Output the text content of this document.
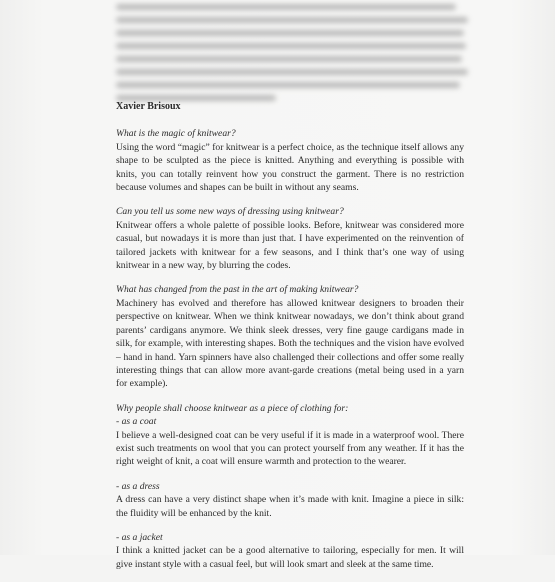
Xavier Brisoux
What is the magic of knitwear?
Using the word “magic” for knitwear is a perfect choice, as the technique itself allows any shape to be sculpted as the piece is knitted. Anything and everything is possible with knits, you can totally reinvent how you construct the garment. There is no restriction because volumes and shapes can be built in without any seams.
Can you tell us some new ways of dressing using knitwear?
Knitwear offers a whole palette of possible looks. Before, knitwear was considered more casual, but nowadays it is more than just that. I have experimented on the reinvention of tailored jackets with knitwear for a few seasons, and I think that’s one way of using knitwear in a new way, by blurring the codes.
What has changed from the past in the art of making knitwear?
Machinery has evolved and therefore has allowed knitwear designers to broaden their perspective on knitwear. When we think knitwear nowadays, we don’t think about grand parents’ cardigans anymore. We think sleek dresses, very fine gauge cardigans made in silk, for example, with interesting shapes. Both the techniques and the vision have evolved – hand in hand. Yarn spinners have also challenged their collections and offer some really interesting things that can allow more avant-garde creations (metal being used in a yarn for example).
Why people shall choose knitwear as a piece of clothing for:
- as a coat
I believe a well-designed coat can be very useful if it is made in a waterproof wool. There exist such treatments on wool that you can protect yourself from any weather. If it has the right weight of knit, a coat will ensure warmth and protection to the wearer.
- as a dress
A dress can have a very distinct shape when it’s made with knit. Imagine a piece in silk: the fluidity will be enhanced by the knit.
- as a jacket
I think a knitted jacket can be a good alternative to tailoring, especially for men. It will give instant style with a casual feel, but will look smart and sleek at the same time.
